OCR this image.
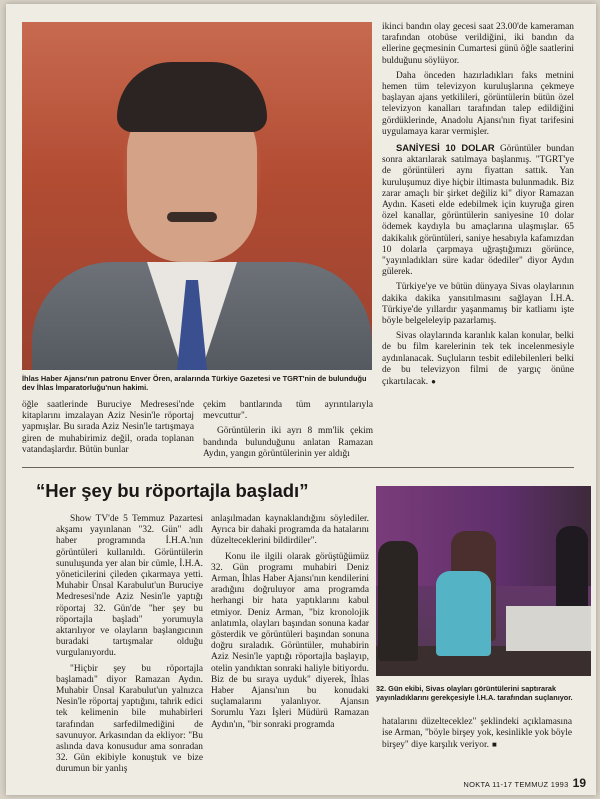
İhlas Haber Ajansı'nın patronu Enver Ören, aralarında Türkiye Gazetesi ve TGRT'nin de bulunduğu dev İhlas İmparatorluğu'nun hakimi.

ikinci bandın olay gecesi saat 23.00'de kameraman tarafından otobüse verildiğini, iki bandın da ellerine geçmesinin Cumartesi günü öğle saatlerini bulduğunu söylüyor.

Daha önceden hazırladıkları faks metnini hemen tüm televizyon kuruluşlarına çekmeye başlayan ajans yetkilileri, görüntülerin bütün özel televizyon kanalları tarafından talep edildiğini gördüklerinde, Anadolu Ajansı'nın fiyat tarifesini uygulamaya karar vermişler.

SANİYESİ 10 DOLAR Görüntüler bundan sonra aktarılarak satılmaya başlanmış. "TGRT'ye de görüntüleri aynı fiyattan sattık. Yan kuruluşumuz diye hiçbir iltimasta bulunmadık. Biz zarar amaçlı bir şirket değiliz ki" diyor Ramazan Aydın. Kaseti elde edebilmek için kuyruğa giren özel kanallar, görüntülerin saniyesine 10 dolar ödemek kaydıyla bu amaçlarına ulaşmışlar. 65 dakikalık görüntüleri, saniye hesabıyla kafamızdan 10 dolarla çarpmaya uğraştığımızı görünce, "yayınladıkları süre kadar ödediler" diyor Aydın gülerek.

Türkiye'ye ve bütün dünyaya Sivas olaylarının dakika dakika yansıtılmasını sağlayan İ.H.A. Türkiye'de yıllardır yaşanmamış bir katliamı işte böyle belgeleleyip pazarlamış.

Sivas olaylarında karanlık kalan konular, belki de bu film karelerinin tek tek incelenmesiyle aydınlanacak. Suçluların tesbit edilebilenleri belki de bu televizyon filmi de yargıç önüne çıkartılacak. ●

öğle saatlerinde Buruciye Medresesi'nde kitaplarını imzalayan Aziz Nesin'le röportaj yapmışlar. Bu sırada Aziz Nesin'le tartışmaya giren de muhabirimiz değil, orada toplanan vatandaşlardır. Bütün bunlar

çekim bantlarında tüm ayrıntılarıyla mevcuttur".

Görüntülerin iki ayrı 8 mm'lik çekim bandında bulunduğunu anlatan Ramazan Aydın, yangın görüntülerinin yer aldığı

“Her şey bu röportajla başladı”

Show TV'de 5 Temmuz Pazartesi akşamı yayınlanan "32. Gün" adlı haber programında İ.H.A.'nın görüntüleri kullanıldı. Görüntülerin sunuluşunda yer alan bir cümle, İ.H.A. yöneticilerini çileden çıkarmaya yetti. Muhabir Ünsal Karabulut'un Buruciye Medresesi'nde Aziz Nesin'le yaptığı röportaj 32. Gün'de "her şey bu röportajla başladı" yorumuyla aktarılıyor ve olayların başlangıcının buradaki tartışmalar olduğu vurgulanıyordu.

"Hiçbir şey bu röportajla başlamadı" diyor Ramazan Aydın. Muhabir Ünsal Karabulut'un yalnızca Nesin'le röportaj yaptığını, tahrik edici tek kelimenin bile muhabirleri tarafından sarfedilmediğini de savunuyor. Arkasından da ekliyor: "Bu aslında dava konusudur ama sonradan 32. Gün ekibiyle konuştuk ve bize durumun bir yanlış

anlaşılmadan kaynaklandığını söylediler. Ayrıca bir dahaki programda da hatalarını düzelteceklerini bildirdiler".

Konu ile ilgili olarak görüştüğümüz 32. Gün programı muhabiri Deniz Arman, İhlas Haber Ajansı'nın kendilerini aradığını doğruluyor ama programda herhangi bir hata yaptıklarını kabul etmiyor. Deniz Arman, "biz kronolojik anlatımla, olayları başından sonuna kadar gösterdik ve görüntüleri başından sonuna doğru sıraladık. Görüntüler, muhabirin Aziz Nesin'le yaptığı röportajla başlayıp, otelin yandıktan sonraki haliyle bitiyordu. Biz de bu sıraya uyduk" diyerek, İhlas Haber Ajansı'nın bu konudaki suçlamalarını yalanlıyor. Ajansın Sorumlu Yazı İşleri Müdürü Ramazan Aydın'ın, "bir sonraki programda

32. Gün ekibi, Sivas olayları görüntülerini saptırarak yayınladıklarını gerekçesiyle İ.H.A. tarafından suçlanıyor.

hatalarını düzelteceklez" şeklindeki açıklamasına ise Arman, "böyle birşey yok, kesinlikle yok böyle birşey" diye karşılık veriyor. ■

NOKTA 11-17 TEMMUZ 1993 19
